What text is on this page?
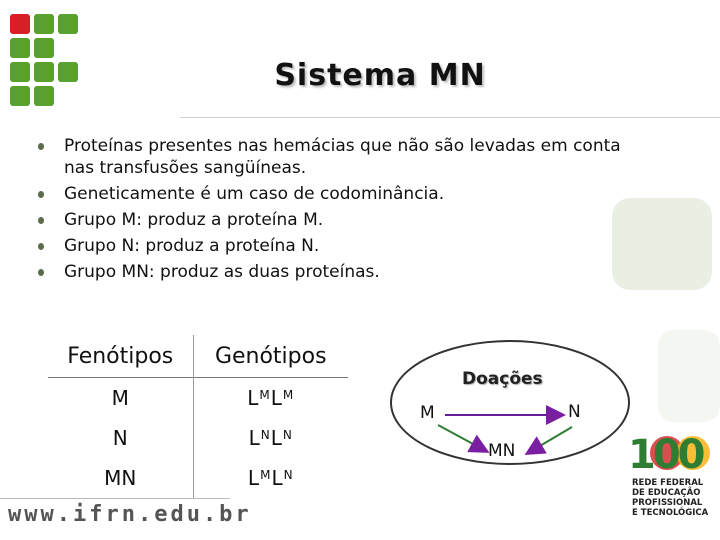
Sistema MN
Proteínas presentes nas hemácias que não são levadas em conta nas transfusões sangüíneas.
Geneticamente é um caso de codominância.
Grupo M: produz a proteína M.
Grupo N: produz a proteína N.
Grupo MN: produz as duas proteínas.
Fenótipos	Genótipos
M	$L^ML^M$
N	$L^NL^N$
MN	$L^ML^N$
Doações
M	N
MN
www.ifrn.edu.br
100
REDE FEDERAL
DE EDUCAÇÃO
PROFISSIONAL
E TECNOLÓGICA
